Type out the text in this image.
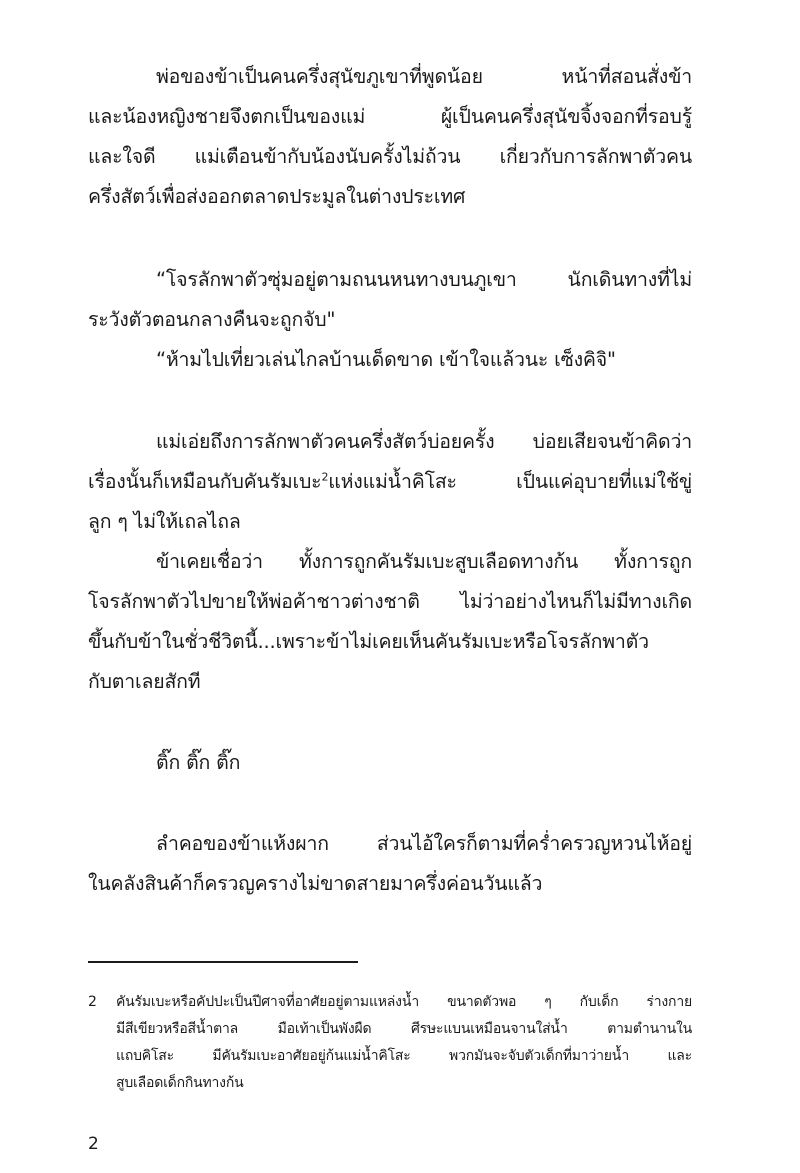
พ่อของข้าเป็นคนครึ่งสุนัขภูเขาที่พูดน้อย หน้าที่สอนสั่งข้า
และน้องหญิงชายจึงตกเป็นของแม่ ผู้เป็นคนครึ่งสุนัขจิ้งจอกที่รอบรู้
และใจดี แม่เตือนข้ากับน้องนับครั้งไม่ถ้วน เกี่ยวกับการลักพาตัวคน
ครึ่งสัตว์เพื่อส่งออกตลาดประมูลในต่างประเทศ
“โจรลักพาตัวซุ่มอยู่ตามถนนหนทางบนภูเขา นักเดินทางที่ไม่
ระวังตัวตอนกลางคืนจะถูกจับ"
“ห้ามไปเที่ยวเล่นไกลบ้านเด็ดขาด เข้าใจแล้วนะ เซ็งคิจิ"
แม่เอ่ยถึงการลักพาตัวคนครึ่งสัตว์บ่อยครั้ง บ่อยเสียจนข้าคิดว่า
เรื่องนั้นก็เหมือนกับคันรัมเบะ$^2$แห่งแม่น้ำคิโสะ เป็นแค่อุบายที่แม่ใช้ขู่
ลูก ๆ ไม่ให้เถลไถล
ข้าเคยเชื่อว่า ทั้งการถูกคันรัมเบะสูบเลือดทางก้น ทั้งการถูก
โจรลักพาตัวไปขายให้พ่อค้าชาวต่างชาติ ไม่ว่าอย่างไหนก็ไม่มีทางเกิด
ขึ้นกับข้าในชั่วชีวิตนี้...เพราะข้าไม่เคยเห็นคันรัมเบะหรือโจรลักพาตัว
กับตาเลยสักที
ติ๊ก ติ๊ก ติ๊ก
ลำคอของข้าแห้งผาก ส่วนไอ้ใครก็ตามที่คร่ำครวญหวนไห้อยู่
ในคลังสินค้าก็ครวญครางไม่ขาดสายมาครึ่งค่อนวันแล้ว
2 คันรัมเบะหรือคัปปะเป็นปีศาจที่อาศัยอยู่ตามแหล่งน้ำ ขนาดตัวพอ ๆ กับเด็ก ร่างกาย
มีสีเขียวหรือสีน้ำตาล มือเท้าเป็นพังผืด ศีรษะแบนเหมือนจานใส่น้ำ ตามตำนานใน
แถบคิโสะ มีคันรัมเบะอาศัยอยู่ก้นแม่น้ำคิโสะ พวกมันจะจับตัวเด็กที่มาว่ายน้ำ และ
สูบเลือดเด็กกินทางก้น
2
